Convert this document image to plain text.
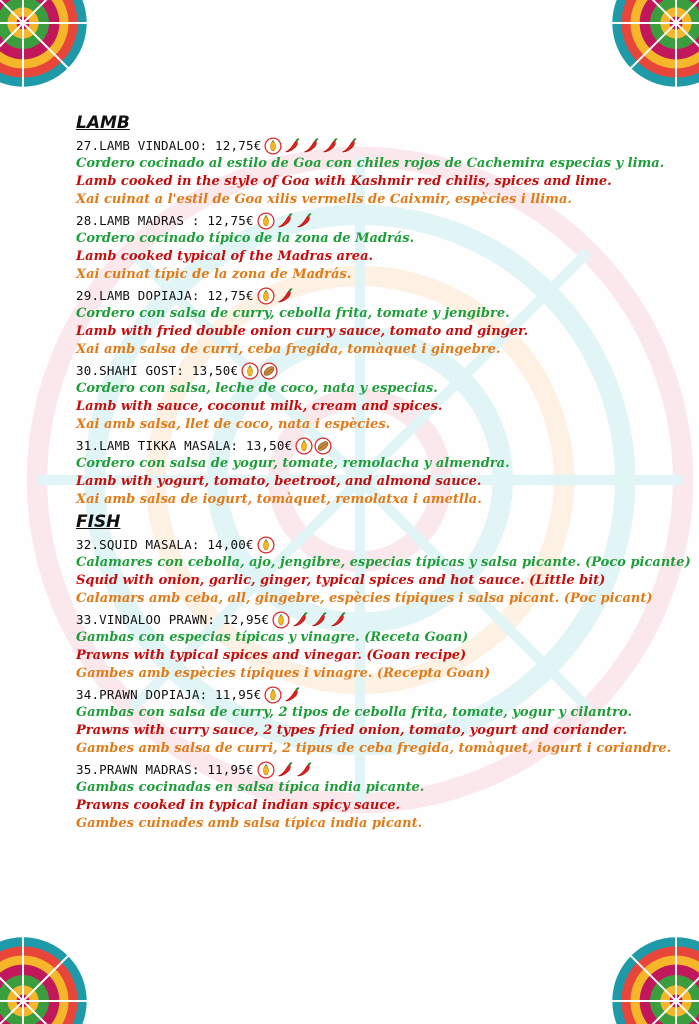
LAMB
27.LAMB VINDALOO: 12,75€
Cordero cocinado al estilo de Goa con chiles rojos de Cachemira especias y lima.
Lamb cooked in the style of Goa with Kashmir red chilis, spices and lime.
Xai cuinat a l'estil de Goa xilis vermells de Caixmir, espècies i llima.
28.LAMB MADRAS : 12,75€
Cordero cocinado típico de la zona de Madrás.
Lamb cooked typical of the Madras area.
Xai cuinat típic de la zona de Madrás.
29.LAMB DOPIAJA: 12,75€
Cordero con salsa de curry, cebolla frita, tomate y jengibre.
Lamb with fried double onion curry sauce, tomato and ginger.
Xai amb salsa de curri, ceba fregida, tomàquet i gingebre.
30.SHAHI GOST: 13,50€
Cordero con salsa, leche de coco, nata y especias.
Lamb with sauce, coconut milk, cream and spices.
Xai amb salsa, llet de coco, nata i espècies.
31.LAMB TIKKA MASALA: 13,50€
Cordero con salsa de yogur, tomate, remolacha y almendra.
Lamb with yogurt, tomato, beetroot, and almond sauce.
Xai amb salsa de iogurt, tomàquet, remolatxa i ametlla.
FISH
32.SQUID MASALA: 14,00€
Calamares con cebolla, ajo, jengibre, especias típicas y salsa picante. (Poco picante)
Squid with onion, garlic, ginger, typical spices and hot sauce. (Little bit)
Calamars amb ceba, all, gingebre, espècies típiques i salsa picant. (Poc picant)
33.VINDALOO PRAWN: 12,95€
Gambas con especias típicas y vinagre. (Receta Goan)
Prawns with typical spices and vinegar. (Goan recipe)
Gambes amb espècies típiques i vinagre. (Recepta Goan)
34.PRAWN DOPIAJA: 11,95€
Gambas con salsa de curry, 2 tipos de cebolla frita, tomate, yogur y cilantro.
Prawns with curry sauce, 2 types fried onion, tomato, yogurt and coriander.
Gambes amb salsa de curri, 2 tipus de ceba fregida, tomàquet, iogurt i coriandre.
35.PRAWN MADRAS: 11,95€
Gambas cocinadas en salsa típica india picante.
Prawns cooked in typical indian spicy sauce.
Gambes cuinades amb salsa típica india picant.
